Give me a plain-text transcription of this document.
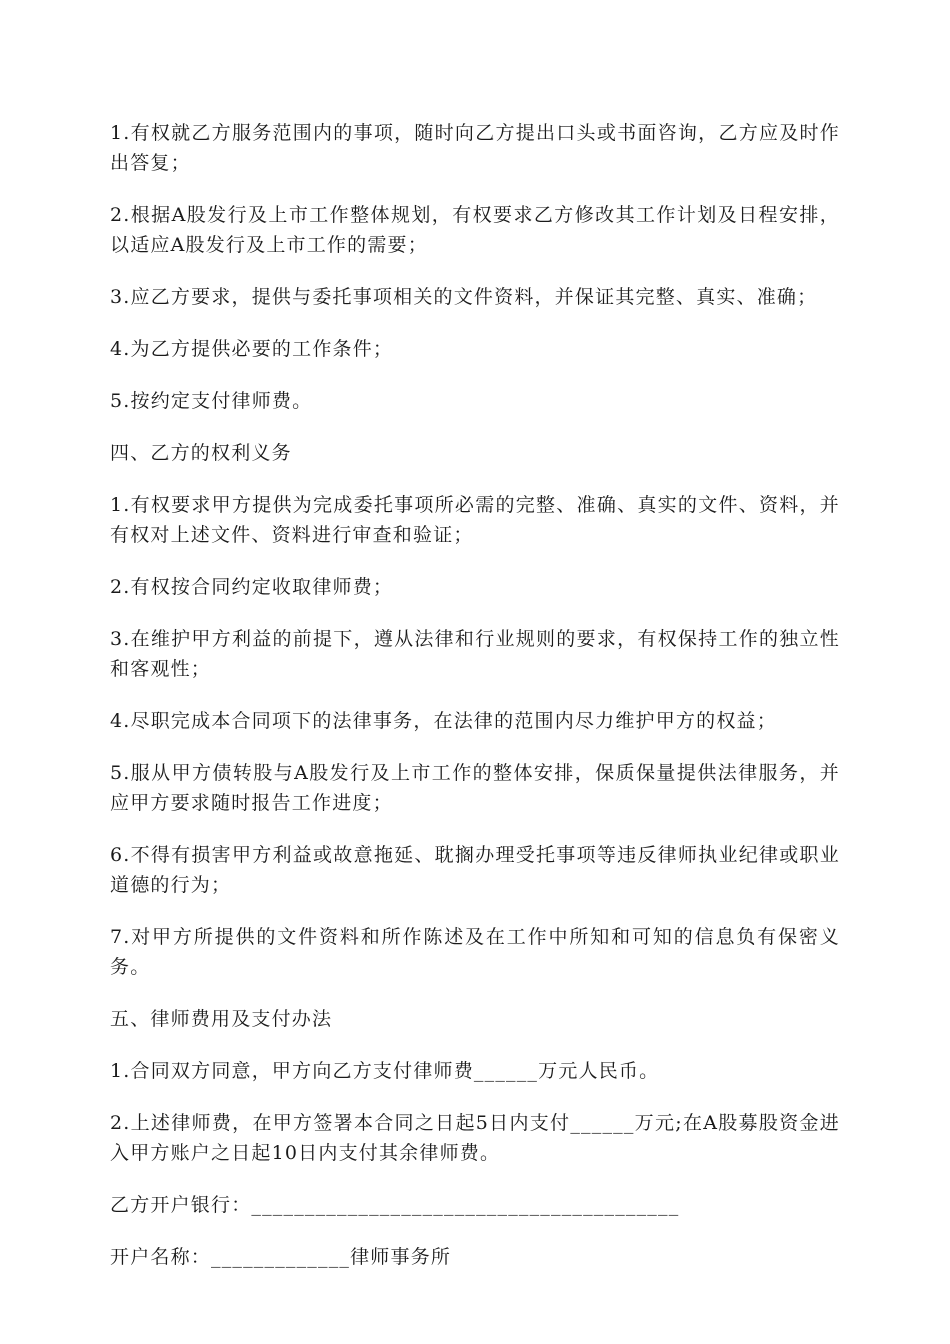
1.有权就乙方服务范围内的事项，随时向乙方提出口头或书面咨询，乙方应及时作出答复；

2.根据A股发行及上市工作整体规划，有权要求乙方修改其工作计划及日程安排，以适应A股发行及上市工作的需要；

3.应乙方要求，提供与委托事项相关的文件资料，并保证其完整、真实、准确；

4.为乙方提供必要的工作条件；

5.按约定支付律师费。

四、乙方的权利义务

1.有权要求甲方提供为完成委托事项所必需的完整、准确、真实的文件、资料，并有权对上述文件、资料进行审查和验证；

2.有权按合同约定收取律师费；

3.在维护甲方利益的前提下，遵从法律和行业规则的要求，有权保持工作的独立性和客观性；

4.尽职完成本合同项下的法律事务，在法律的范围内尽力维护甲方的权益；

5.服从甲方债转股与A股发行及上市工作的整体安排，保质保量提供法律服务，并应甲方要求随时报告工作进度；

6.不得有损害甲方利益或故意拖延、耽搁办理受托事项等违反律师执业纪律或职业道德的行为；

7.对甲方所提供的文件资料和所作陈述及在工作中所知和可知的信息负有保密义务。

五、律师费用及支付办法

1.合同双方同意，甲方向乙方支付律师费______万元人民币。

2.上述律师费，在甲方签署本合同之日起5日内支付______万元;在A股募股资金进入甲方账户之日起10日内支付其余律师费。

乙方开户银行：________________________________________

开户名称：_____________律师事务所
